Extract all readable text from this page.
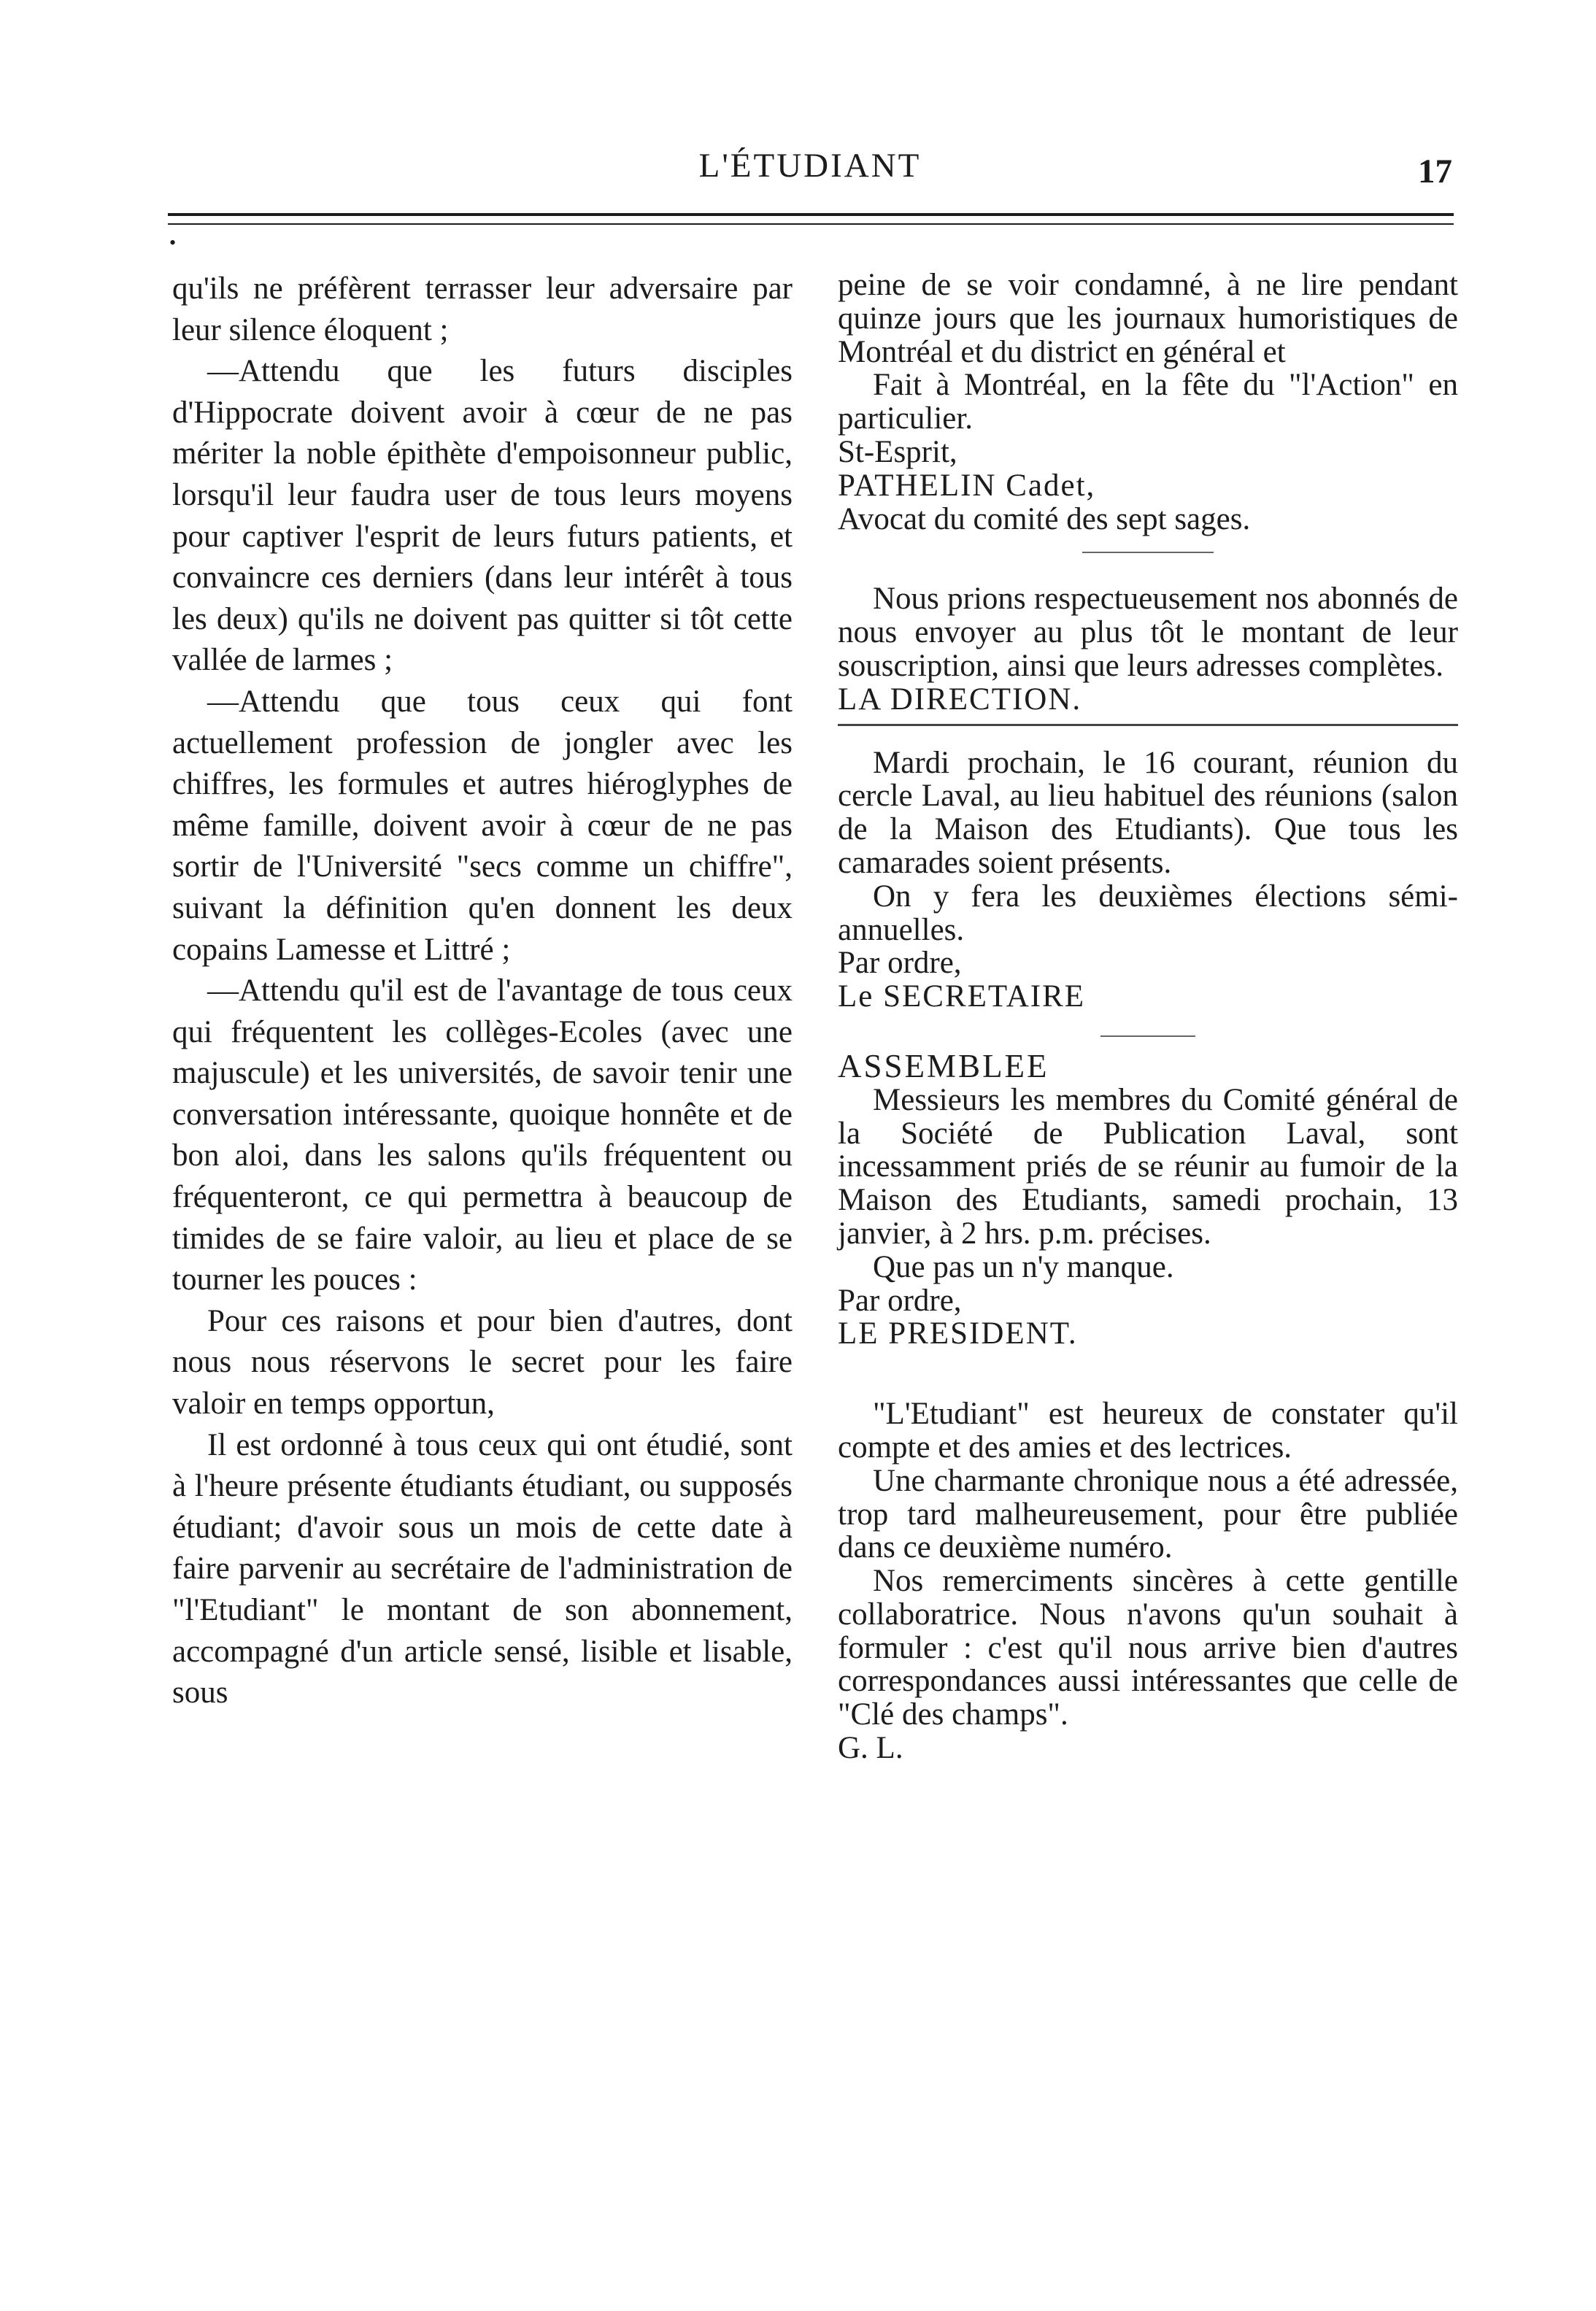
L'ÉTUDIANT	17
•

qu'ils ne préfèrent terrasser leur adversaire par leur silence éloquent ;

—Attendu que les futurs disciples d'Hippocrate doivent avoir à cœur de ne pas mériter la noble épithète d'empoisonneur public, lorsqu'il leur faudra user de tous leurs moyens pour captiver l'esprit de leurs futurs patients, et convaincre ces derniers (dans leur intérêt à tous les deux) qu'ils ne doivent pas quitter si tôt cette vallée de larmes ;

—Attendu que tous ceux qui font actuellement profession de jongler avec les chiffres, les formules et autres hiéroglyphes de même famille, doivent avoir à cœur de ne pas sortir de l'Université "secs comme un chiffre", suivant la définition qu'en donnent les deux copains Lamesse et Littré ;

—Attendu qu'il est de l'avantage de tous ceux qui fréquentent les collèges-Ecoles (avec une majuscule) et les universités, de savoir tenir une conversation intéressante, quoique honnête et de bon aloi, dans les salons qu'ils fréquentent ou fréquenteront, ce qui permettra à beaucoup de timides de se faire valoir, au lieu et place de se tourner les pouces :

Pour ces raisons et pour bien d'autres, dont nous nous réservons le secret pour les faire valoir en temps opportun,

Il est ordonné à tous ceux qui ont étudié, sont à l'heure présente étudiants étudiant, ou supposés étudiant; d'avoir sous un mois de cette date à faire parvenir au secrétaire de l'administration de "l'Etudiant" le montant de son abonnement, accompagné d'un article sensé, lisible et lisable, sous

peine de se voir condamné, à ne lire pendant quinze jours que les journaux humoristiques de Montréal et du district en général et

Fait à Montréal, en la fête du "l'Action" en particulier.

St-Esprit,

PATHELIN Cadet,

Avocat du comité des sept sages.

Nous prions respectueusement nos abonnés de nous envoyer au plus tôt le montant de leur souscription, ainsi que leurs adresses complètes.

LA DIRECTION.

Mardi prochain, le 16 courant, réunion du cercle Laval, au lieu habituel des réunions (salon de la Maison des Etudiants). Que tous les camarades soient présents.

On y fera les deuxièmes élections sémi-annuelles.

Par ordre,

Le SECRETAIRE

ASSEMBLEE

Messieurs les membres du Comité général de la Société de Publication Laval, sont incessamment priés de se réunir au fumoir de la Maison des Etudiants, samedi prochain, 13 janvier, à 2 hrs. p.m. précises.

Que pas un n'y manque.

Par ordre,

LE PRESIDENT.

"L'Etudiant" est heureux de constater qu'il compte et des amies et des lectrices.

Une charmante chronique nous a été adressée, trop tard malheureusement, pour être publiée dans ce deuxième numéro.

Nos remerciments sincères à cette gentille collaboratrice. Nous n'avons qu'un souhait à formuler : c'est qu'il nous arrive bien d'autres correspondances aussi intéressantes que celle de "Clé des champs".

G. L.
